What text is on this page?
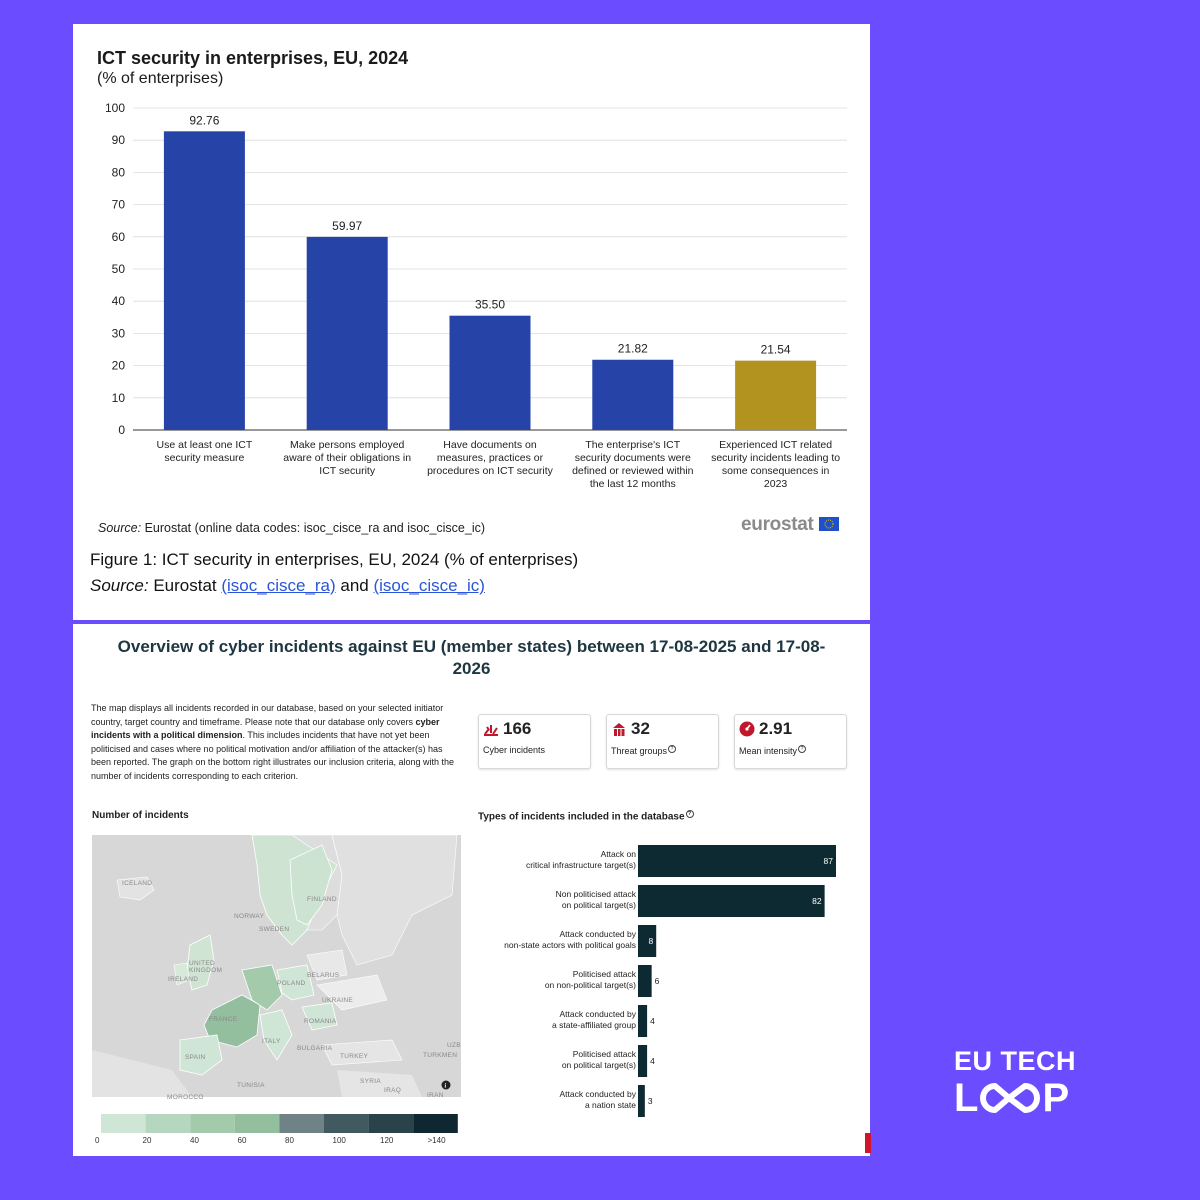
ICT security in enterprises, EU, 2024
(% of enterprises)
0
10
20
30
40
50
60
70
80
90
100
92.76
Use at least one ICT security measure
59.97
Make persons employed aware of their obligations in ICT security
35.50
Have documents on measures, practices or procedures on ICT security
21.82
The enterprise's ICT security documents were defined or reviewed within the last 12 months
21.54
Experienced ICT related security incidents leading to some consequences in 2023
Source: Eurostat (online data codes: isoc_cisce_ra and isoc_cisce_ic)	eurostat
Figure 1: ICT security in enterprises, EU, 2024 (% of enterprises)
Source: Eurostat (isoc_cisce_ra) and (isoc_cisce_ic)
Overview of cyber incidents against EU (member states) between 17-08-2025 and 17-08-2026
The map displays all incidents recorded in our database, based on your selected initiator country, target country and timeframe. Please note that our database only covers cyber incidents with a political dimension. This includes incidents that have not yet been politicised and cases where no political motivation and/or affiliation of the attacker(s) has been reported. The graph on the bottom right illustrates our inclusion criteria, along with the number of incidents corresponding to each criterion.
166
Cyber incidents
32
Threat groups ?
2.91
Mean intensity ?
Number of incidents	Types of incidents included in the database ?
ICELAND
NORWAY
SWEDEN
FINLAND
UNITED
KINGDOM
IRELAND
BELARUS
POLAND
UKRAINE
FRANCE	ROMANIA
SPAIN
ITALY
BULGARIA
TURKEY	TURKMEN
UZB
TUNISIA
MOROCCO
SYRIA
IRAQ
IRAN
i
0	20	40	60	80	100	120	>140
87
Attack on critical infrastructure target(s)
82
Non politicised attack on political target(s)
8
Attack conducted by non-state actors with political goals
6
Politicised attack on non-political target(s)
4
Attack conducted by a state-affiliated group
4
Politicised attack on political target(s)
3
Attack conducted by a nation state
EU TECH
L P
